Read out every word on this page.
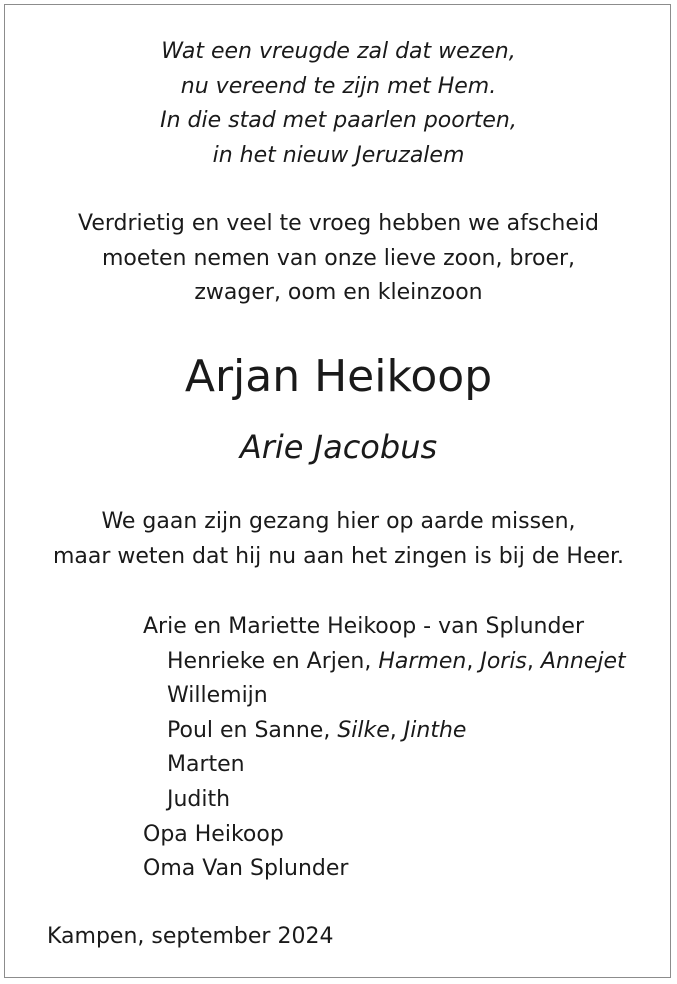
Wat een vreugde zal dat wezen,
nu vereend te zijn met Hem.
In die stad met paarlen poorten,
in het nieuw Jeruzalem
Verdrietig en veel te vroeg hebben we afscheid
moeten nemen van onze lieve zoon, broer,
zwager, oom en kleinzoon
Arjan Heikoop
Arie Jacobus
We gaan zijn gezang hier op aarde missen,
maar weten dat hij nu aan het zingen is bij de Heer.
Arie en Mariette Heikoop - van Splunder
Henrieke en Arjen, Harmen, Joris, Annejet
Willemijn
Poul en Sanne, Silke, Jinthe
Marten
Judith
Opa Heikoop
Oma Van Splunder
Kampen, september 2024
